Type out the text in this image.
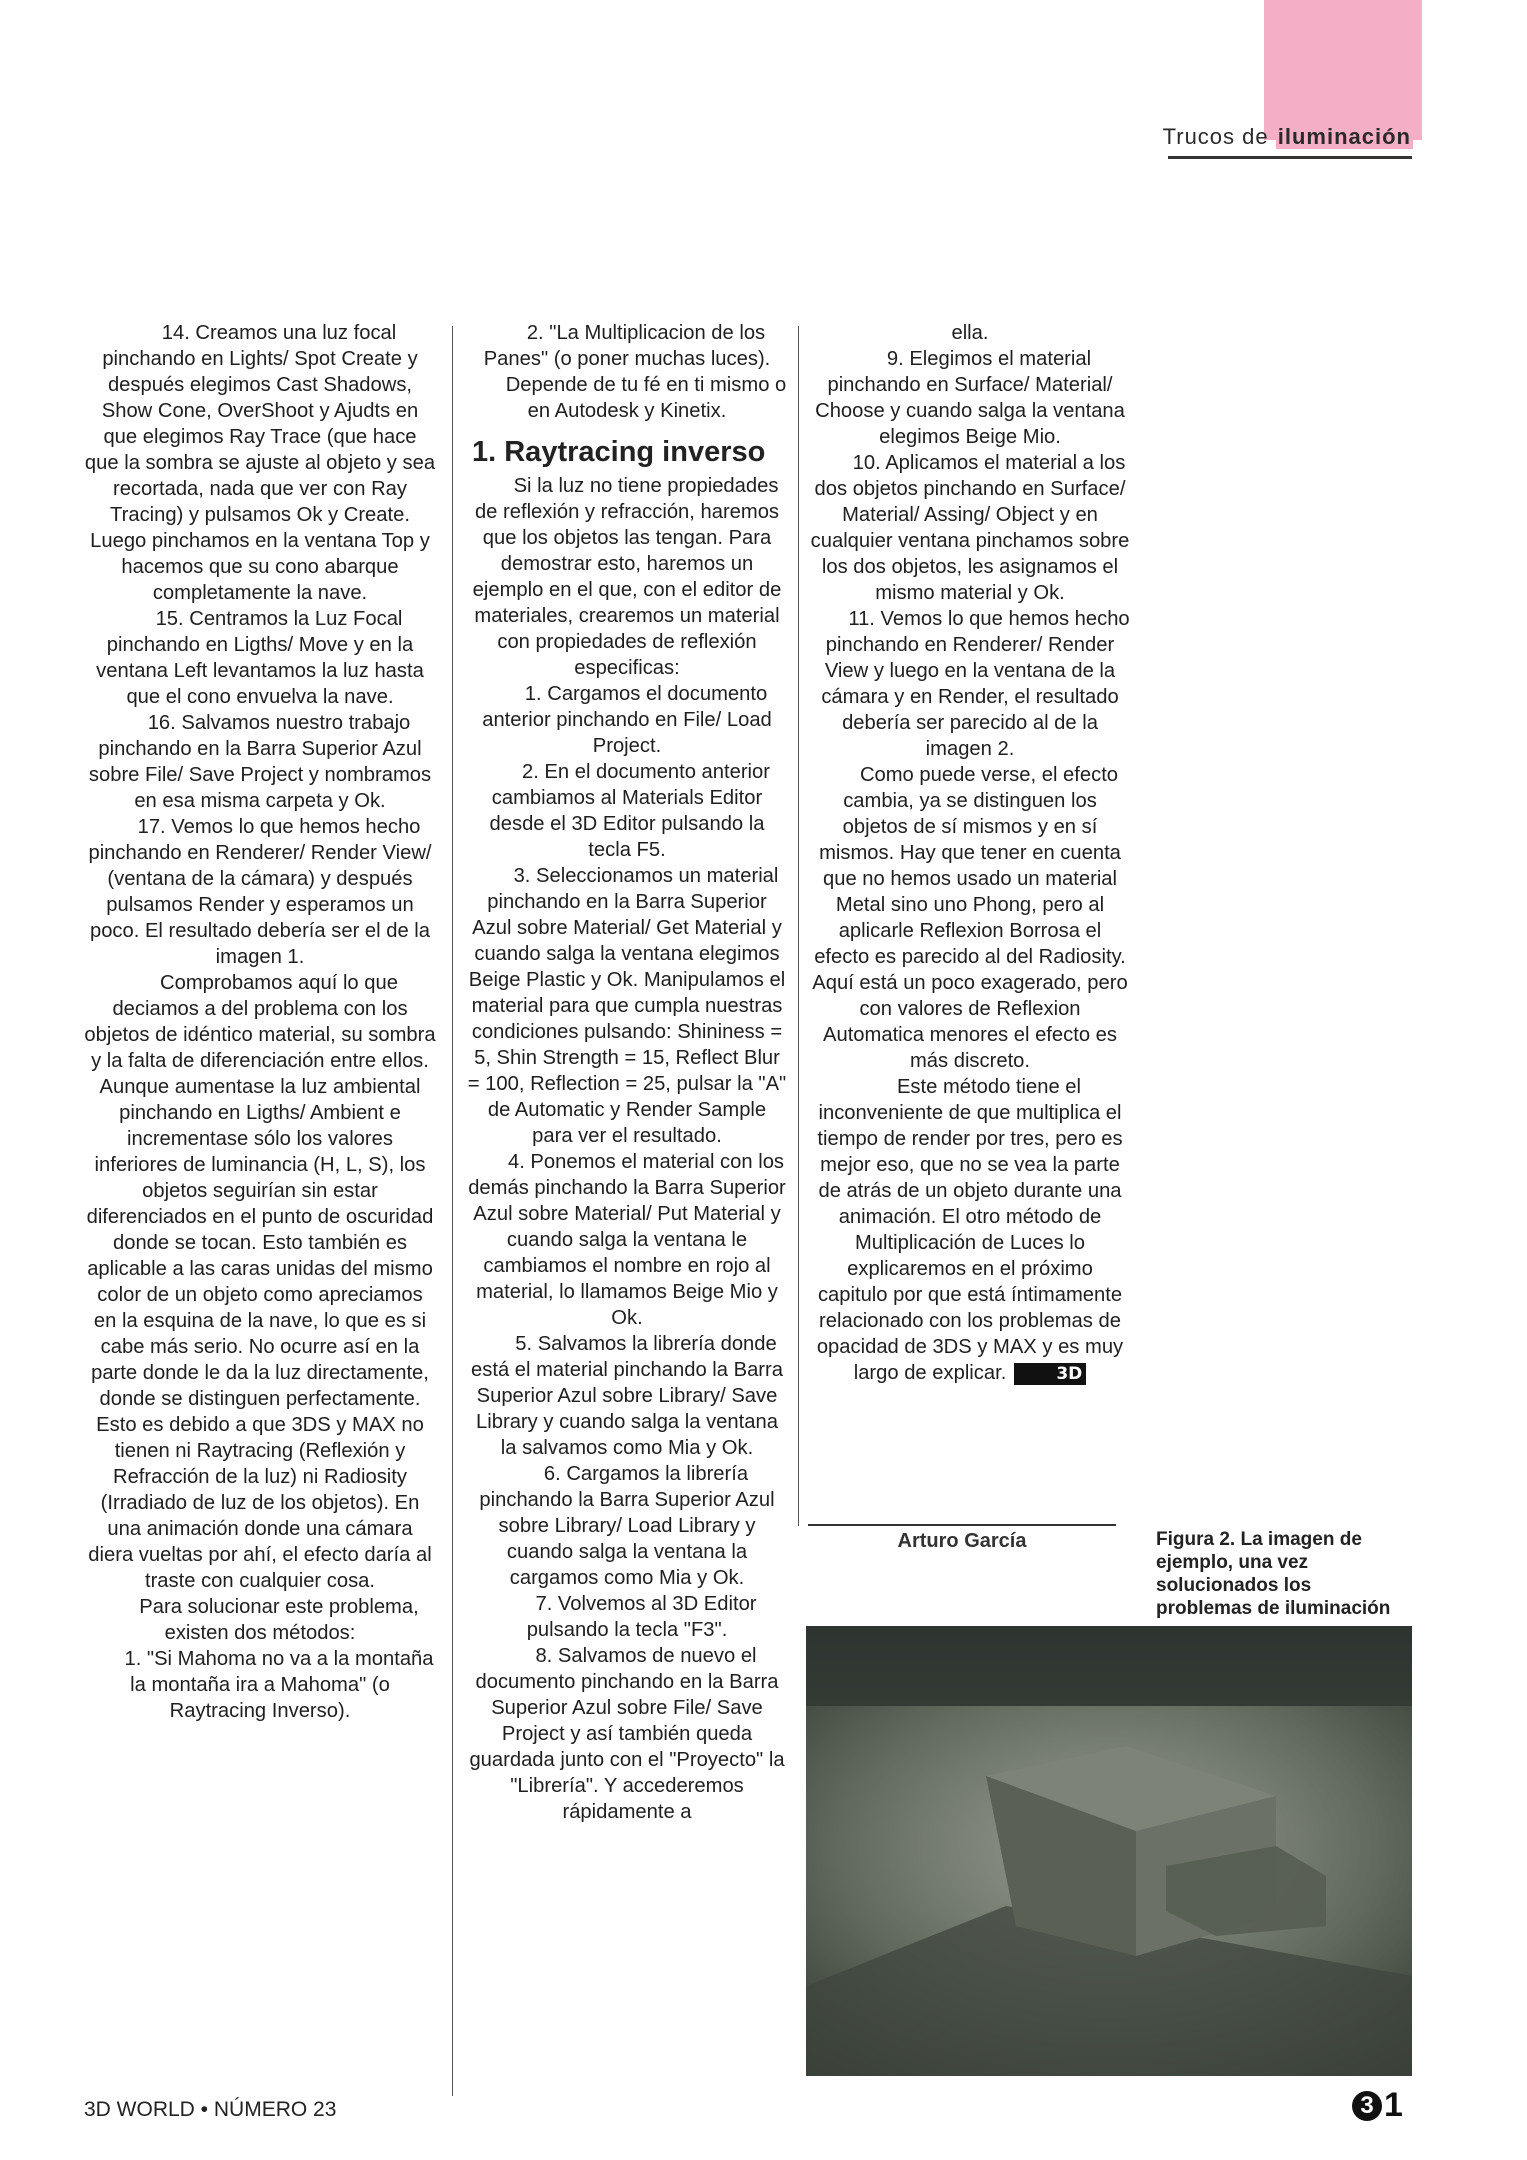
Trucos de iluminación

14. Creamos una luz focal pinchando en Lights/ Spot Create y después elegimos Cast Shadows, Show Cone, OverShoot y Ajudts en que elegimos Ray Trace (que hace que la sombra se ajuste al objeto y sea recortada, nada que ver con Ray Tracing) y pulsamos Ok y Create. Luego pinchamos en la ventana Top y hacemos que su cono abarque completamente la nave.

15. Centramos la Luz Focal pinchando en Ligths/ Move y en la ventana Left levantamos la luz hasta que el cono envuelva la nave.

16. Salvamos nuestro trabajo pinchando en la Barra Superior Azul sobre File/ Save Project y nombramos en esa misma carpeta y Ok.

17. Vemos lo que hemos hecho pinchando en Renderer/ Render View/ (ventana de la cámara) y después pulsamos Render y esperamos un poco. El resultado debería ser el de la imagen 1.

Comprobamos aquí lo que deciamos a del problema con los objetos de idéntico material, su sombra y la falta de diferenciación entre ellos. Aunque aumentase la luz ambiental pinchando en Ligths/ Ambient e incrementase sólo los valores inferiores de luminancia (H, L, S), los objetos seguirían sin estar diferenciados en el punto de oscuridad donde se tocan. Esto también es aplicable a las caras unidas del mismo color de un objeto como apreciamos en la esquina de la nave, lo que es si cabe más serio. No ocurre así en la parte donde le da la luz directamente, donde se distinguen perfectamente. Esto es debido a que 3DS y MAX no tienen ni Raytracing (Reflexión y Refracción de la luz) ni Radiosity (Irradiado de luz de los objetos). En una animación donde una cámara diera vueltas por ahí, el efecto daría al traste con cualquier cosa.

Para solucionar este problema, existen dos métodos:

1. "Si Mahoma no va a la montaña la montaña ira a Mahoma" (o Raytracing Inverso).

2. "La Multiplicacion de los Panes" (o poner muchas luces).

Depende de tu fé en ti mismo o en Autodesk y Kinetix.

1. Raytracing inverso

Si la luz no tiene propiedades de reflexión y refracción, haremos que los objetos las tengan. Para demostrar esto, haremos un ejemplo en el que, con el editor de materiales, crearemos un material con propiedades de reflexión especificas:

1. Cargamos el documento anterior pinchando en File/ Load Project.

2. En el documento anterior cambiamos al Materials Editor desde el 3D Editor pulsando la tecla F5.

3. Seleccionamos un material pinchando en la Barra Superior Azul sobre Material/ Get Material y cuando salga la ventana elegimos Beige Plastic y Ok. Manipulamos el material para que cumpla nuestras condiciones pulsando: Shininess = 5, Shin Strength = 15, Reflect Blur = 100, Reflection = 25, pulsar la "A" de Automatic y Render Sample para ver el resultado.

4. Ponemos el material con los demás pinchando la Barra Superior Azul sobre Material/ Put Material y cuando salga la ventana le cambiamos el nombre en rojo al material, lo llamamos Beige Mio y Ok.

5. Salvamos la librería donde está el material pinchando la Barra Superior Azul sobre Library/ Save Library y cuando salga la ventana la salvamos como Mia y Ok.

6. Cargamos la librería pinchando la Barra Superior Azul sobre Library/ Load Library y cuando salga la ventana la cargamos como Mia y Ok.

7. Volvemos al 3D Editor pulsando la tecla "F3".

8. Salvamos de nuevo el documento pinchando en la Barra Superior Azul sobre File/ Save Project y así también queda guardada junto con el "Proyecto" la "Librería". Y accederemos rápidamente a

ella.

9. Elegimos el material pinchando en Surface/ Material/ Choose y cuando salga la ventana elegimos Beige Mio.

10. Aplicamos el material a los dos objetos pinchando en Surface/ Material/ Assing/ Object y en cualquier ventana pinchamos sobre los dos objetos, les asignamos el mismo material y Ok.

11. Vemos lo que hemos hecho pinchando en Renderer/ Render View y luego en la ventana de la cámara y en Render, el resultado debería ser parecido al de la imagen 2.

Como puede verse, el efecto cambia, ya se distinguen los objetos de sí mismos y en sí mismos. Hay que tener en cuenta que no hemos usado un material Metal sino uno Phong, pero al aplicarle Reflexion Borrosa el efecto es parecido al del Radiosity. Aquí está un poco exagerado, pero con valores de Reflexion Automatica menores el efecto es más discreto.

Este método tiene el inconveniente de que multiplica el tiempo de render por tres, pero es mejor eso, que no se vea la parte de atrás de un objeto durante una animación. El otro método de Multiplicación de Luces lo explicaremos en el próximo capitulo por que está íntimamente relacionado con los problemas de opacidad de 3DS y MAX y es muy largo de explicar.	3D

Arturo García	Figura 2. La imagen de ejemplo, una vez solucionados los problemas de iluminación
3D WORLD • NÚMERO 23	3 1
